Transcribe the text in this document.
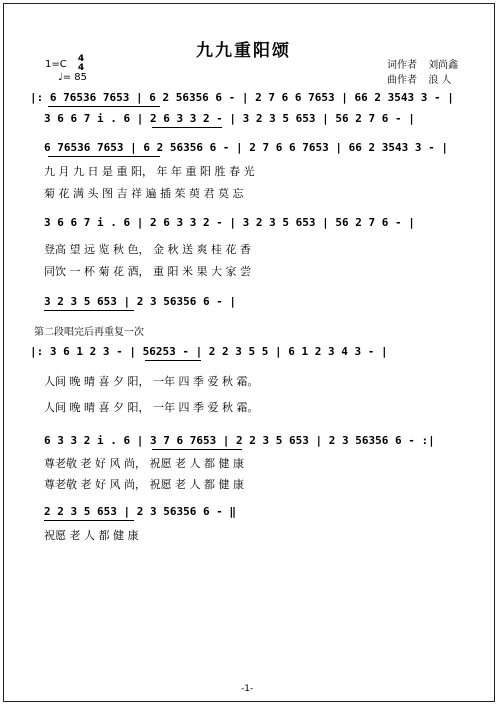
九九重阳颂
1=C 4
4
♩= 85
词作者 刘尚鑫
曲作者 浪 人
|: 6 76536 7653 | 6 2 56356 6 - | 2 7 6 6 7653 | 66 2 3543 3 - |
3 6 6 7 i . 6 | 2 6 3 3 2 - | 3 2 3 5 653 | 56 2 7 6 - |
6 76536 7653 | 6 2 56356 6 - | 2 7 6 6 7653 | 66 2 3543 3 - |
九 月 九 日 是 重 阳， 年 年 重 阳 胜 春 光
菊 花 满 头 图 吉 祥 遍 插 茱 萸 君 莫 忘
3 6 6 7 i . 6 | 2 6 3 3 2 - | 3 2 3 5 653 | 56 2 7 6 - |
登高 望 远 览 秋 色， 金 秋 送 爽 桂 花 香
同饮 一 杯 菊 花 酒， 重 阳 米 果 大 家 尝
3 2 3 5 653 | 2 3 56356 6 - |
第二段唱完后再重复一次
|: 3 6 1 2 3 - | 56253 - | 2 2 3 5 5 | 6 1 2 3 4 3 - |
人间 晚 晴 喜 夕 阳， 一年 四 季 爱 秋 霜。
人间 晚 晴 喜 夕 阳， 一年 四 季 爱 秋 霜。
6 3 3 2 i . 6 | 3 7 6 7653 | 2 2 3 5 653 | 2 3 56356 6 - :|
尊老敬 老 好 风 尚， 祝愿 老 人 都 健 康
尊老敬 老 好 风 尚， 祝愿 老 人 都 健 康
2 2 3 5 653 | 2 3 56356 6 - ‖
祝愿 老 人 都 健 康
-1-
